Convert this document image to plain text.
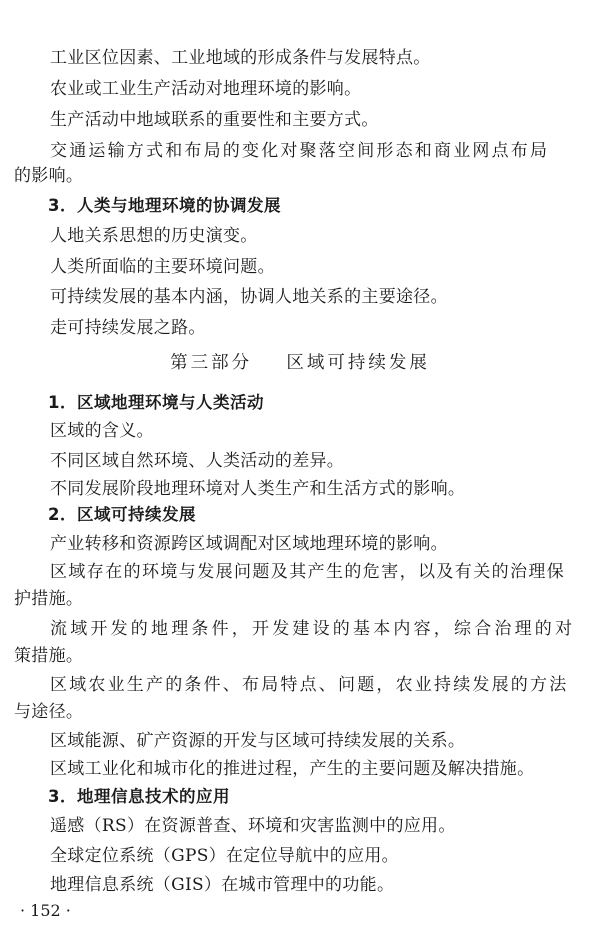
工业区位因素、工业地域的形成条件与发展特点。
农业或工业生产活动对地理环境的影响。
生产活动中地域联系的重要性和主要方式。
交通运输方式和布局的变化对聚落空间形态和商业网点布局
的影响。
3．人类与地理环境的协调发展
人地关系思想的历史演变。
人类所面临的主要环境问题。
可持续发展的基本内涵，协调人地关系的主要途径。
走可持续发展之路。
第三部分    区域可持续发展
1．区域地理环境与人类活动
区域的含义。
不同区域自然环境、人类活动的差异。
不同发展阶段地理环境对人类生产和生活方式的影响。
2．区域可持续发展
产业转移和资源跨区域调配对区域地理环境的影响。
区域存在的环境与发展问题及其产生的危害，以及有关的治理保
护措施。
流域开发的地理条件，开发建设的基本内容，综合治理的对
策措施。
区域农业生产的条件、布局特点、问题，农业持续发展的方法
与途径。
区域能源、矿产资源的开发与区域可持续发展的关系。
区域工业化和城市化的推进过程，产生的主要问题及解决措施。
3．地理信息技术的应用
遥感（RS）在资源普查、环境和灾害监测中的应用。
全球定位系统（GPS）在定位导航中的应用。
地理信息系统（GIS）在城市管理中的功能。
· 152 ·
